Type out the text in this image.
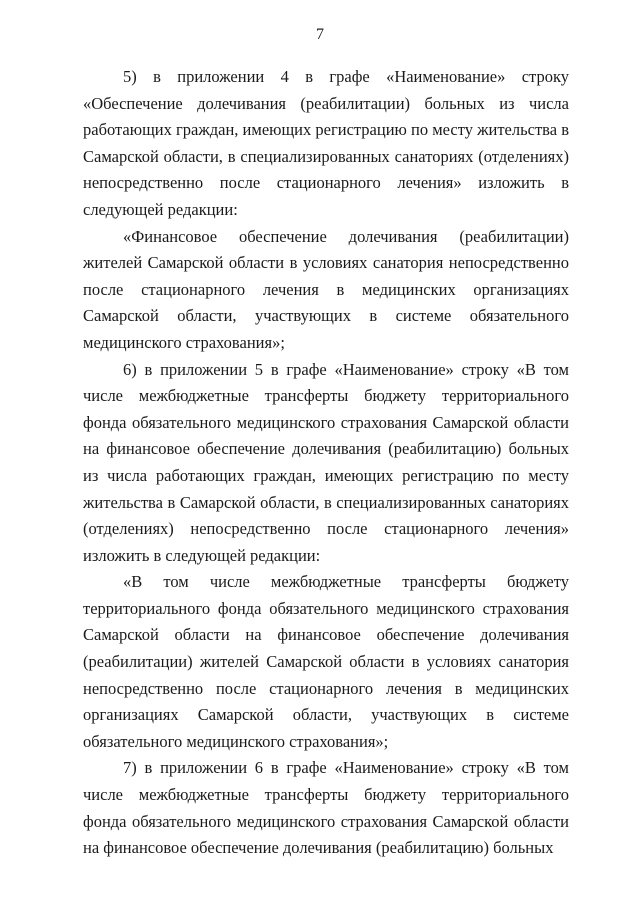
7

5) в приложении 4 в графе «Наименование» строку «Обеспечение долечивания (реабилитации) больных из числа работающих граждан, имеющих регистрацию по месту жительства в Самарской области, в специализированных санаториях (отделениях) непосредственно после стационарного лечения» изложить в следующей редакции:

«Финансовое обеспечение долечивания (реабилитации) жителей Самарской области в условиях санатория непосредственно после стационарного лечения в медицинских организациях Самарской области, участвующих в системе обязательного медицинского страхования»;

6) в приложении 5 в графе «Наименование» строку «В том числе межбюджетные трансферты бюджету территориального фонда обязательного медицинского страхования Самарской области на финансовое обеспечение долечивания (реабилитацию) больных из числа работающих граждан, имеющих регистрацию по месту жительства в Самарской области, в специализированных санаториях (отделениях) непосредственно после стационарного лечения» изложить в следующей редакции:

«В том числе межбюджетные трансферты бюджету территориального фонда обязательного медицинского страхования Самарской области на финансовое обеспечение долечивания (реабилитации) жителей Самарской области в условиях санатория непосредственно после стационарного лечения в медицинских организациях Самарской области, участвующих в системе обязательного медицинского страхования»;

7) в приложении 6 в графе «Наименование» строку «В том числе межбюджетные трансферты бюджету территориального фонда обязательного медицинского страхования Самарской области на финансовое обеспечение долечивания (реабилитацию) больных
